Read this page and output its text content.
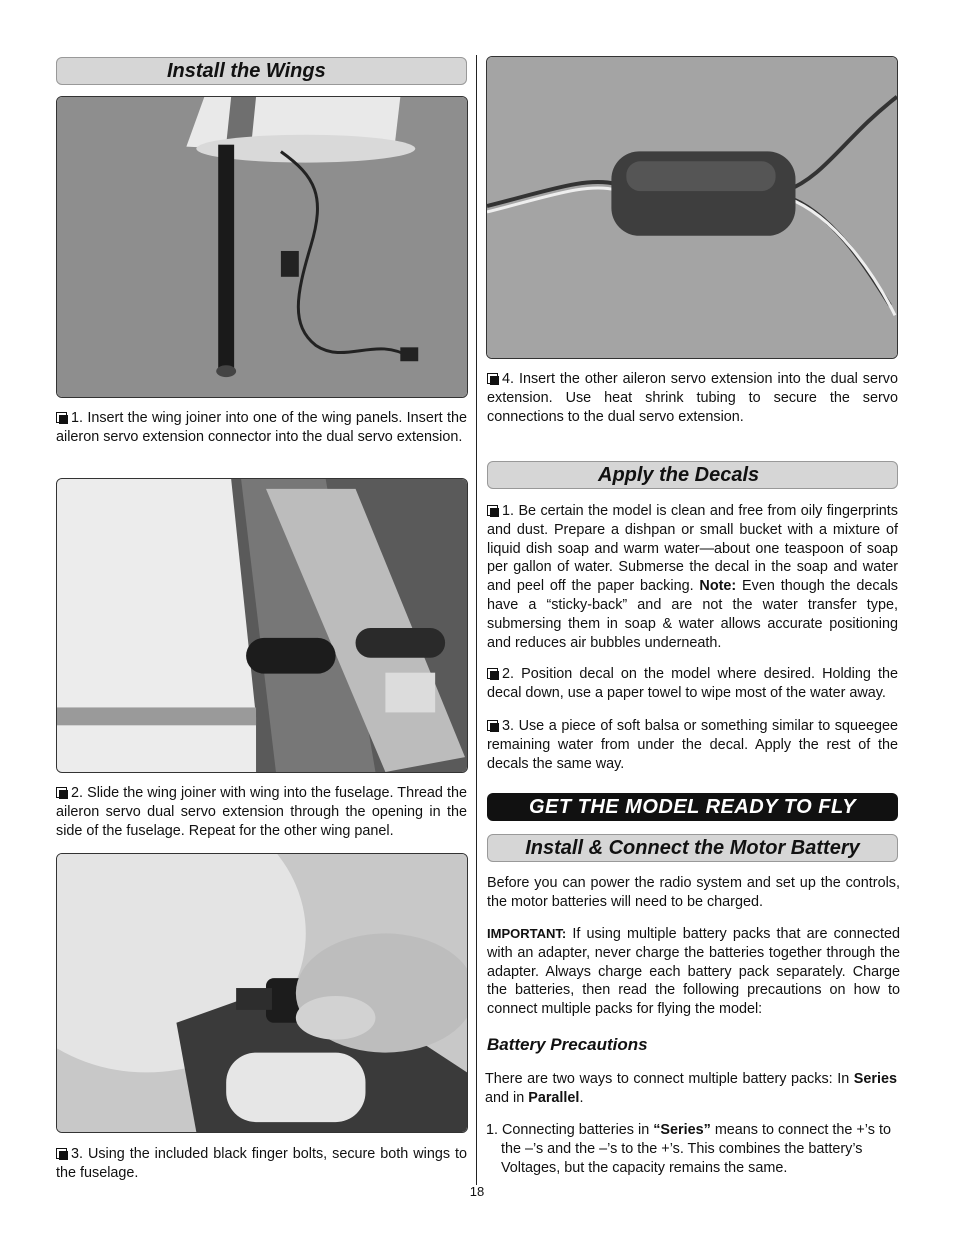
Install the Wings

1. Insert the wing joiner into one of the wing panels. Insert the aileron servo extension connector into the dual servo extension.

2. Slide the wing joiner with wing into the fuselage. Thread the aileron servo dual servo extension through the opening in the side of the fuselage. Repeat for the other wing panel.

3. Using the included black finger bolts, secure both wings to the fuselage.

4. Insert the other aileron servo extension into the dual servo extension. Use heat shrink tubing to secure the servo connections to the dual servo extension.

Apply the Decals

1. Be certain the model is clean and free from oily fingerprints and dust. Prepare a dishpan or small bucket with a mixture of liquid dish soap and warm water—about one teaspoon of soap per gallon of water. Submerse the decal in the soap and water and peel off the paper backing. Note: Even though the decals have a “sticky-back” and are not the water transfer type, submersing them in soap & water allows accurate positioning and reduces air bubbles underneath.

2. Position decal on the model where desired. Holding the decal down, use a paper towel to wipe most of the water away.

3. Use a piece of soft balsa or something similar to squeegee remaining water from under the decal. Apply the rest of the decals the same way.

GET THE MODEL READY TO FLY
Install & Connect the Motor Battery

Before you can power the radio system and set up the controls, the motor batteries will need to be charged.

IMPORTANT: If using multiple battery packs that are connected with an adapter, never charge the batteries together through the adapter. Always charge each battery pack separately. Charge the batteries, then read the following precautions on how to connect multiple packs for flying the model:

Battery Precautions

There are two ways to connect multiple battery packs: In Series and in Parallel.

1. Connecting batteries in “Series” means to connect the +’s to the –’s and the –’s to the +’s. This combines the battery’s Voltages, but the capacity remains the same.

18
